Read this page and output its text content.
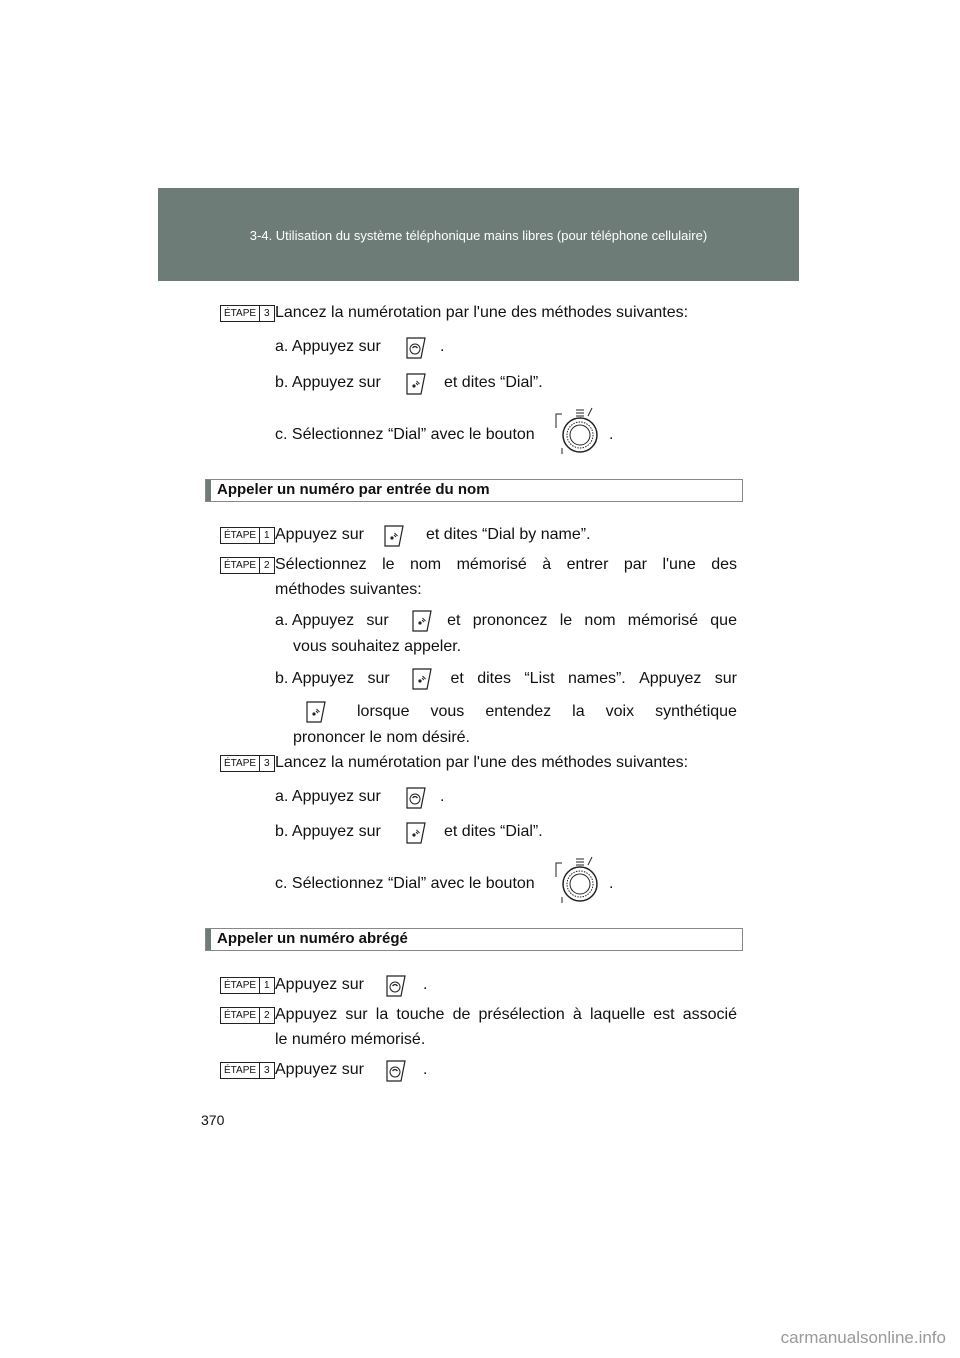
3-4. Utilisation du système téléphonique mains libres (pour téléphone cellulaire)
ÉTAPE 3 Lancez la numérotation par l'une des méthodes suivantes:
a. Appuyez sur	.
b. Appuyez sur	et dites “Dial”.
c. Sélectionnez “Dial” avec le bouton	.
Appeler un numéro par entrée du nom
ÉTAPE 1 Appuyez sur	et dites “Dial by name”.
ÉTAPE 2 Sélectionnez le nom mémorisé à entrer par l'une des
méthodes suivantes:
a. Appuyez sur	et prononcez le nom mémorisé que
vous souhaitez appeler.
b. Appuyez sur	et dites “List names”. Appuyez sur
lorsque vous entendez la voix synthétique
prononcer le nom désiré.
ÉTAPE 3 Lancez la numérotation par l'une des méthodes suivantes:
a. Appuyez sur	.
b. Appuyez sur	et dites “Dial”.
c. Sélectionnez “Dial” avec le bouton	.
Appeler un numéro abrégé
ÉTAPE 1 Appuyez sur	.
ÉTAPE 2 Appuyez sur la touche de présélection à laquelle est associé
le numéro mémorisé.
ÉTAPE 3 Appuyez sur	.
370
carmanualsonline.info
